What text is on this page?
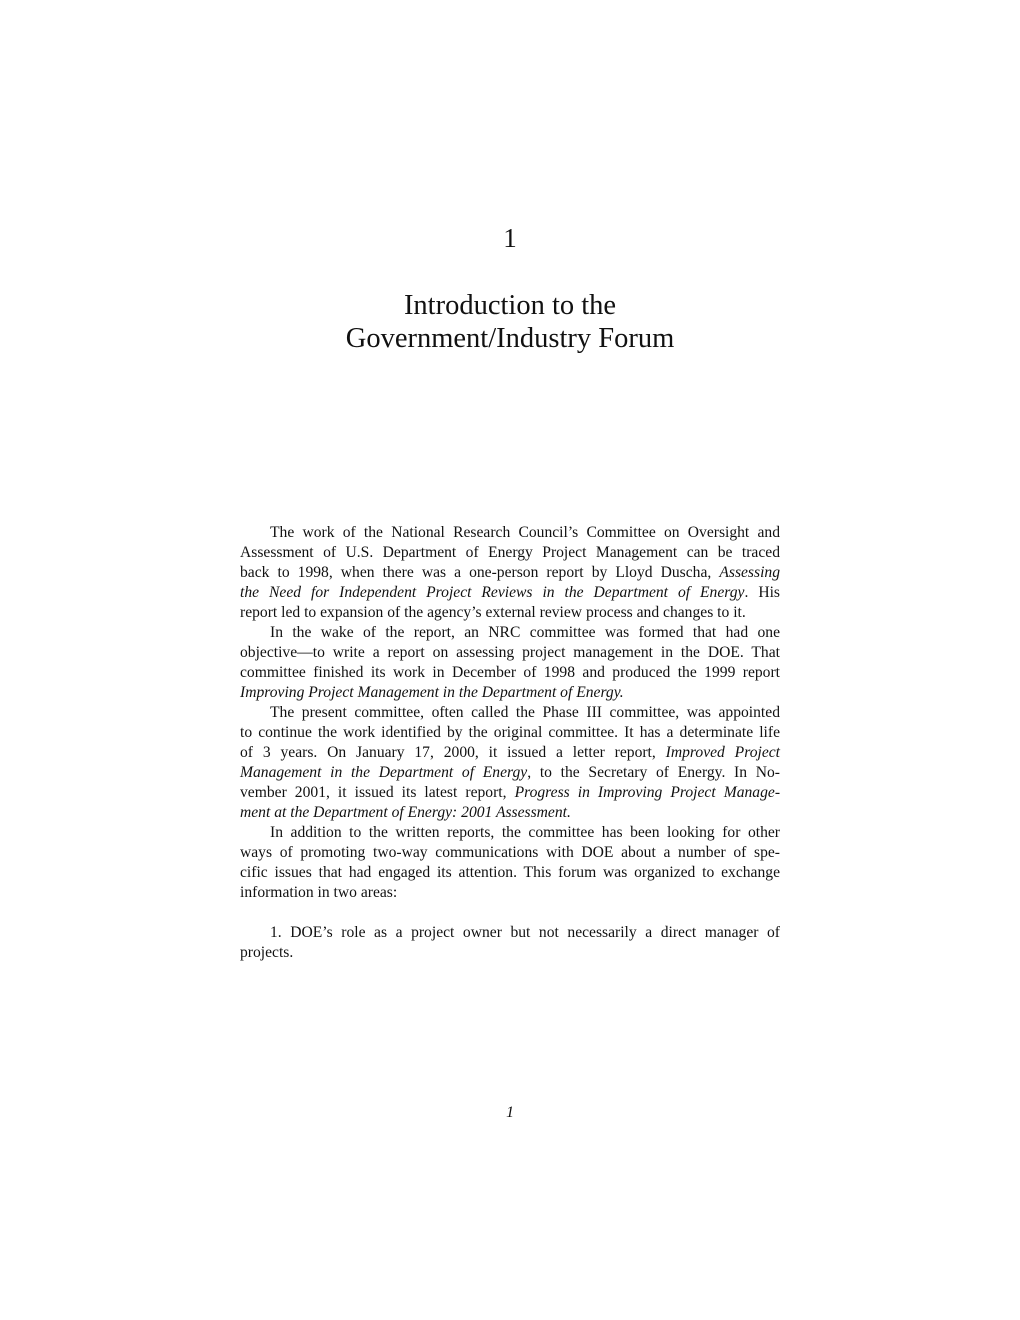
1
Introduction to the
Government/Industry Forum
The work of the National Research Council’s Committee on Oversight and
Assessment of U.S. Department of Energy Project Management can be traced
back to 1998, when there was a one-person report by Lloyd Duscha, Assessing
the Need for Independent Project Reviews in the Department of Energy. His
report led to expansion of the agency’s external review process and changes to it.
In the wake of the report, an NRC committee was formed that had one
objective—to write a report on assessing project management in the DOE. That
committee finished its work in December of 1998 and produced the 1999 report
Improving Project Management in the Department of Energy.
The present committee, often called the Phase III committee, was appointed
to continue the work identified by the original committee. It has a determinate life
of 3 years. On January 17, 2000, it issued a letter report, Improved Project
Management in the Department of Energy, to the Secretary of Energy. In No-
vember 2001, it issued its latest report, Progress in Improving Project Manage-
ment at the Department of Energy: 2001 Assessment.
In addition to the written reports, the committee has been looking for other
ways of promoting two-way communications with DOE about a number of spe-
cific issues that had engaged its attention. This forum was organized to exchange
information in two areas:
1. DOE’s role as a project owner but not necessarily a direct manager of
projects.
1
